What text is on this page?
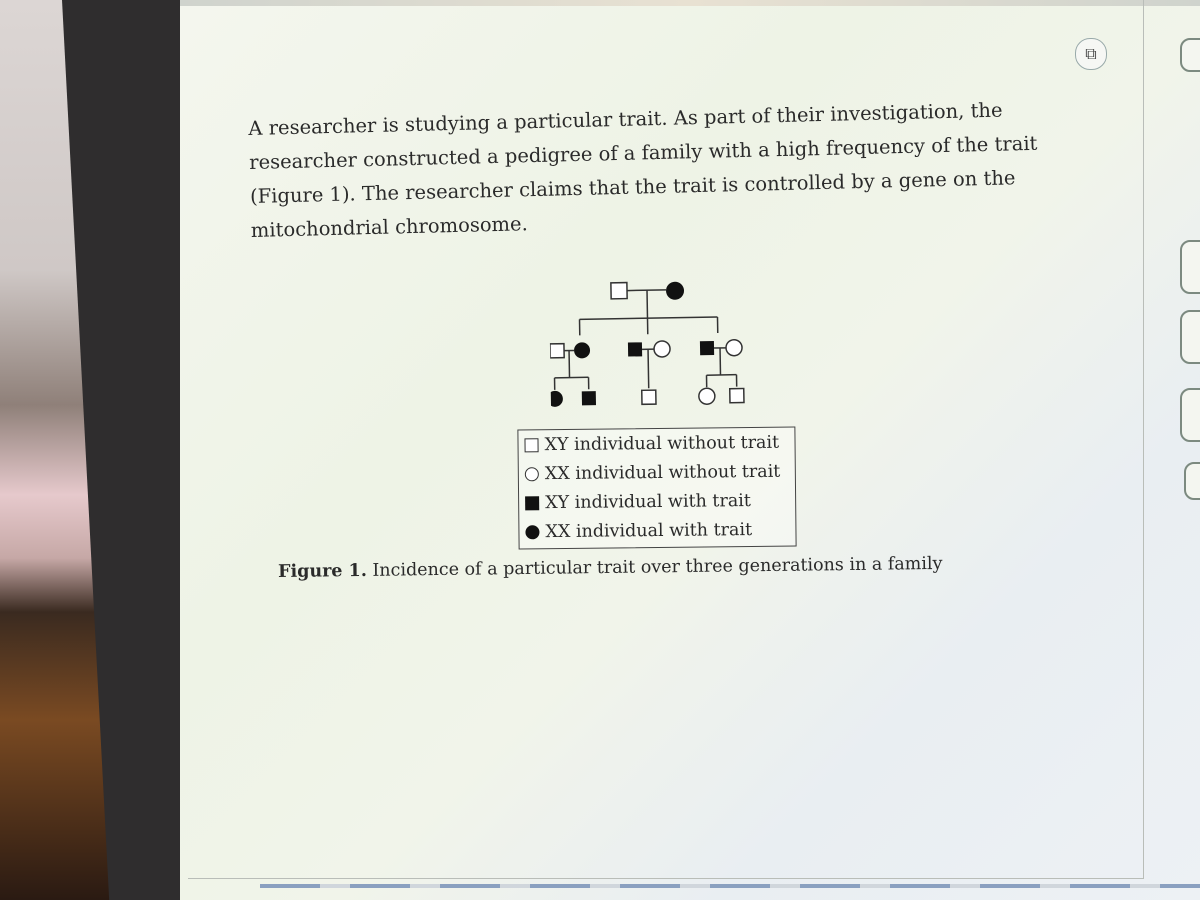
⧉
A researcher is studying a particular trait. As part of their investigation, the researcher constructed a pedigree of a family with a high frequency of the trait (Figure 1). The researcher claims that the trait is controlled by a gene on the mitochondrial chromosome.
XY individual without trait
XX individual without trait
XY individual with trait
XX individual with trait
Figure 1. Incidence of a particular trait over three generations in a family
